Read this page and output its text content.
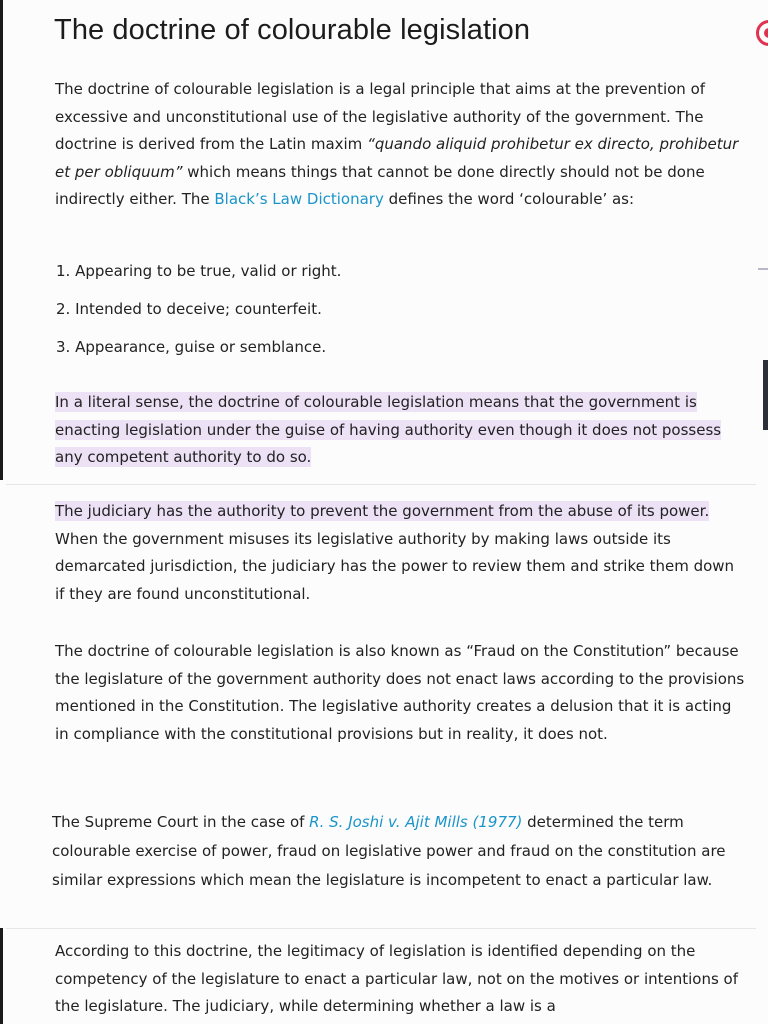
The doctrine of colourable legislation

The doctrine of colourable legislation is a legal principle that aims at the prevention of excessive and unconstitutional use of the legislative authority of the government. The doctrine is derived from the Latin maxim “quando aliquid prohibetur ex directo, prohibetur et per obliquum” which means things that cannot be done directly should not be done indirectly either. The Black’s Law Dictionary defines the word ‘colourable’ as:

1. Appearing to be true, valid or right.
2. Intended to deceive; counterfeit.
3. Appearance, guise or semblance.

In a literal sense, the doctrine of colourable legislation means that the government is enacting legislation under the guise of having authority even though it does not possess any competent authority to do so.

The judiciary has the authority to prevent the government from the abuse of its power. When the government misuses its legislative authority by making laws outside its demarcated jurisdiction, the judiciary has the power to review them and strike them down if they are found unconstitutional.

The doctrine of colourable legislation is also known as “Fraud on the Constitution” because the legislature of the government authority does not enact laws according to the provisions mentioned in the Constitution. The legislative authority creates a delusion that it is acting in compliance with the constitutional provisions but in reality, it does not.

The Supreme Court in the case of R. S. Joshi v. Ajit Mills (1977) determined the term colourable exercise of power, fraud on legislative power and fraud on the constitution are similar expressions which mean the legislature is incompetent to enact a particular law.

According to this doctrine, the legitimacy of legislation is identified depending on the competency of the legislature to enact a particular law, not on the motives or intentions of the legislature. The judiciary, while determining whether a law is a
